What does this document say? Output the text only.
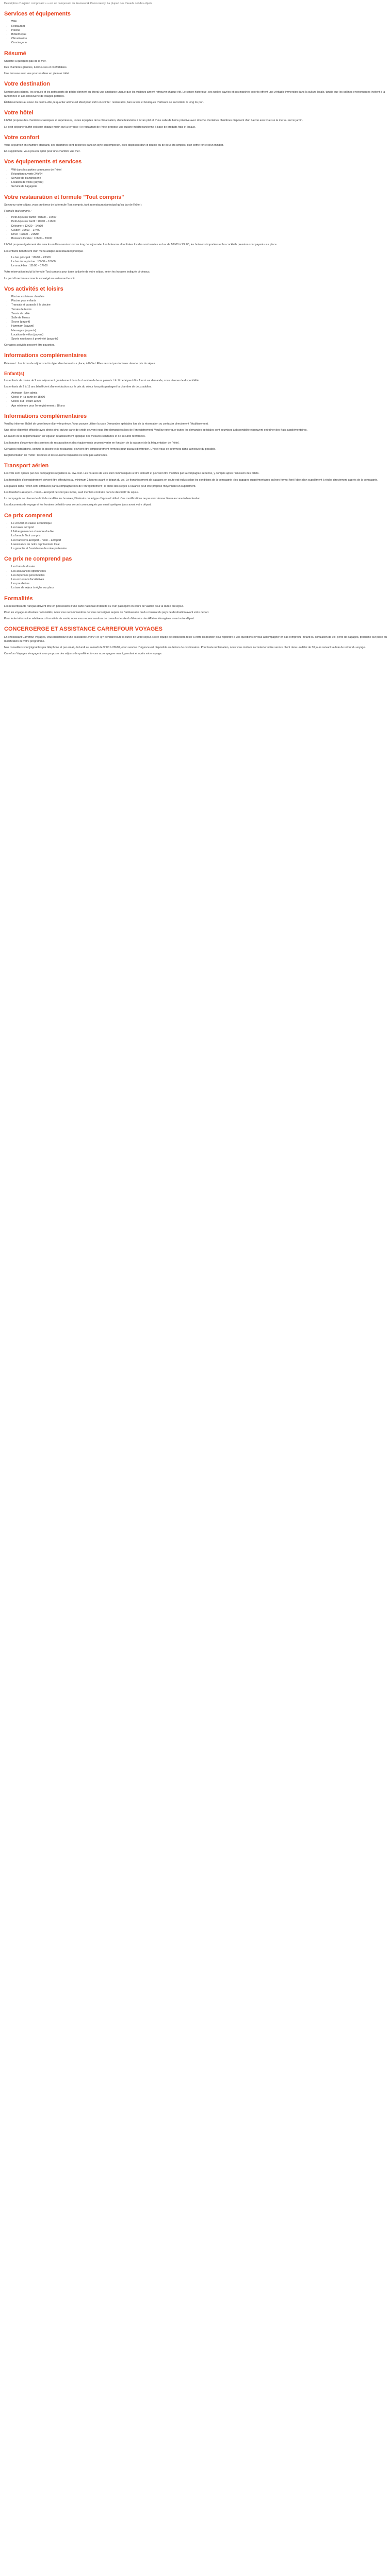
Description d'un joint: composant « » est un composant du Framework Concurrency. La plupart des threads ont des objets

Services et équipements
• WiFi
• Restaurant
• Piscine
• Bibliothèque
• Climatisation
• Conciergerie
Résumé

Un hôtel à quelques pas de la mer.

Des chambres grandes, lumineuses et confortables.

Une terrasse avec vue pour un diner en plein air idéal.

Votre destination

Nombreuses plages, les criques et les petits ports de pêche donnent au littoral une ambiance unique que les visiteurs aiment retrouver chaque été. Le centre historique, ses ruelles pavées et ses marchés colorés offrent une véritable immersion dans la culture locale, tandis que les collines environnantes invitent à la randonnée et à la découverte de villages perchés.

Établissements au coeur du centre-ville, le quartier animé est idéal pour sortir en soirée : restaurants, bars à vins et boutiques d'artisans se succèdent le long du port.

Votre hôtel

L'hôtel propose des chambres classiques et supérieures, toutes équipées de la climatisation, d'une télévision à écran plat et d'une salle de bains privative avec douche. Certaines chambres disposent d'un balcon avec vue sur la mer ou sur le jardin.

Le petit-déjeuner buffet est servi chaque matin sur la terrasse ; le restaurant de l'hôtel propose une cuisine méditerranéenne à base de produits frais et locaux.

Votre confort

Vous séjournez en chambre standard, ces chambres sont décorées dans un style contemporain, elles disposent d'un lit double ou de deux lits simples, d'un coffre-fort et d'un minibar.

En supplément, vous pouvez opter pour une chambre vue mer.

Vos équipements et services
• Wifi dans les parties communes de l'hôtel
• Réception ouverte 24h/24
• Service de blanchisserie
• Location de vélos (payant)
• Service de bagagerie
Votre restauration et formule "Tout compris"

Savourez votre séjour, vous profiterez de la formule Tout compris, tant au restaurant principal qu'au bar de l'hôtel :

Formule tout compris :

• Petit-déjeuner buffet : 07h00 – 10h00
• Petit-déjeuner tardif : 10h00 – 11h00
• Déjeuner : 12h30 – 14h30
• Goûter : 16h00 – 17h00
• Dîner : 19h00 – 21h30
• Boissons locales : 10h00 – 23h00

L'hôtel propose également des snacks en libre-service tout au long de la journée. Les boissons alcoolisées locales sont servies au bar de 10h00 à 23h00, les boissons importées et les cocktails premium sont payants sur place.

Les enfants bénéficient d'un menu adapté au restaurant principal.

• Le bar principal : 10h00 – 23h00
• Le bar de la piscine : 10h00 – 18h00
• Le snack-bar : 12h00 – 17h00

Votre réservation inclut la formule Tout compris pour toute la durée de votre séjour, selon les horaires indiqués ci-dessus.

Le port d'une tenue correcte est exigé au restaurant le soir.

Vos activités et loisirs
• Piscine extérieure chauffée
• Piscine pour enfants
• Transats et parasols à la piscine
• Terrain de tennis
• Tennis de table
• Salle de fitness
• Sauna (payant)
• Hammam (payant)
• Massages (payants)
• Location de vélos (payant)
• Sports nautiques à proximité (payants)

Certaines activités peuvent être payantes.

Informations complémentaires

Paiement : Les taxes de séjour sont à régler directement sur place, à l'hôtel. Elles ne sont pas incluses dans le prix du séjour.

Enfant(s)

Les enfants de moins de 2 ans séjournent gratuitement dans la chambre de leurs parents. Un lit bébé peut être fourni sur demande, sous réserve de disponibilité.

Les enfants de 2 à 11 ans bénéficient d'une réduction sur le prix du séjour lorsqu'ils partagent la chambre de deux adultes.

• Animaux : Non admis
• Check-in : à partir de 15h00
• Check-out : avant 11h00
• Âge minimum pour l'enregistrement : 18 ans
Informations complémentaires

Veuillez informer l'hôtel de votre heure d'arrivée prévue. Vous pouvez utiliser la case Demandes spéciales lors de la réservation ou contacter directement l'établissement.

Une pièce d'identité officielle avec photo ainsi qu'une carte de crédit peuvent vous être demandées lors de l'enregistrement. Veuillez noter que toutes les demandes spéciales sont soumises à disponibilité et peuvent entraîner des frais supplémentaires.

En raison de la réglementation en vigueur, l'établissement applique des mesures sanitaires et de sécurité renforcées.

Les horaires d'ouverture des services de restauration et des équipements peuvent varier en fonction de la saison et de la fréquentation de l'hôtel.

Certaines installations, comme la piscine et le restaurant, peuvent être temporairement fermées pour travaux d'entretien. L'hôtel vous en informera dans la mesure du possible.

Réglementation de l'hôtel : les fêtes et les réunions bruyantes ne sont pas autorisées.

Transport aérien

Les vols sont opérés par des compagnies régulières ou low-cost. Les horaires de vols sont communiqués à titre indicatif et peuvent être modifiés par la compagnie aérienne, y compris après l'émission des billets.

Les formalités d'enregistrement doivent être effectuées au minimum 2 heures avant le départ du vol. Le franchissement de bagages en soute est inclus selon les conditions de la compagnie ; les bagages supplémentaires ou hors format font l'objet d'un supplément à régler directement auprès de la compagnie.

Les places dans l'avion sont attribuées par la compagnie lors de l'enregistrement ; le choix des sièges à l'avance peut être proposé moyennant un supplément.

Les transferts aéroport – hôtel – aéroport ne sont pas inclus, sauf mention contraire dans le descriptif du séjour.

La compagnie se réserve le droit de modifier les horaires, l'itinéraire ou le type d'appareil utilisé. Ces modifications ne peuvent donner lieu à aucune indemnisation.

Les documents de voyage et les horaires définitifs vous seront communiqués par email quelques jours avant votre départ.

Ce prix comprend
• Le vol A/R en classe économique
• Les taxes aéroport
• L'hébergement en chambre double
• La formule Tout compris
• Les transferts aéroport – hôtel – aéroport
• L'assistance de notre représentant local
• La garantie et l'assistance de notre partenaire
Ce prix ne comprend pas
• Les frais de dossier
• Les assurances optionnelles
• Les dépenses personnelles
• Les excursions facultatives
• Les pourboires
• La taxe de séjour à régler sur place
Formalités

Les ressortissants français doivent être en possession d'une carte nationale d'identité ou d'un passeport en cours de validité pour la durée du séjour.

Pour les voyageurs d'autres nationalités, nous vous recommandons de vous renseigner auprès de l'ambassade ou du consulat du pays de destination avant votre départ.

Pour toute information relative aux formalités de santé, nous vous recommandons de consulter le site du Ministère des Affaires étrangères avant votre départ.

CONCERGERGE ET ASSISTANCE CARREFOUR VOYAGES

En choisissant Carrefour Voyages, vous bénéficiez d'une assistance 24h/24 et 7j/7 pendant toute la durée de votre séjour. Notre équipe de conseillers reste à votre disposition pour répondre à vos questions et vous accompagner en cas d'imprévu : retard ou annulation de vol, perte de bagages, problème sur place ou modification de votre programme.

Nos conseillers sont joignables par téléphone et par email, du lundi au samedi de 9h00 à 20h00, et un service d'urgence est disponible en dehors de ces horaires. Pour toute réclamation, nous vous invitons à contacter notre service client dans un délai de 30 jours suivant la date de retour du voyage.

Carrefour Voyages s'engage à vous proposer des séjours de qualité et à vous accompagner avant, pendant et après votre voyage.
